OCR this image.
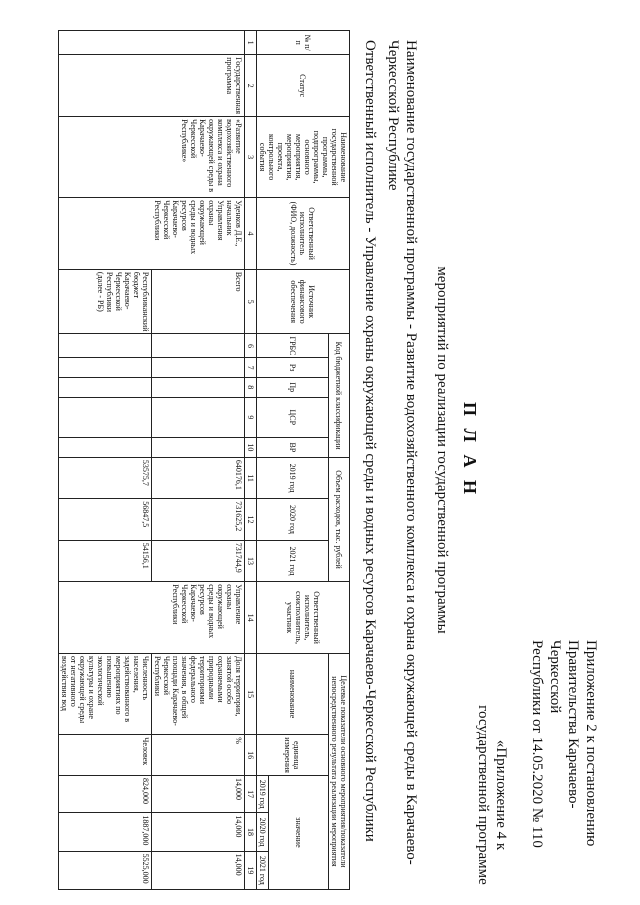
Приложение 2 к постановлению
Правительства Карачаево-Черкесской
Республики от 14.05.2020 № 110
«Приложение 4 к
государственной программе
П Л А Н
мероприятий по реализации государственной программы
Наименование государственной программы - Развитие водохозяйственного комплекса и охрана окружающей среды в Карачаево-Черкесской Республике
Ответственный исполнитель - Управление охраны окружающей среды и водных ресурсов Карачаево-Черкесской Республики
№ п/п	Статус	Наименование государственной программы, подпрограммы, основного мероприятия, мероприятия, проекта, контрольного события	Ответственный исполнитель (ФИО, должность)	Источник финансового обеспечения	Код бюджетной классификации					Объем расходов, тыс. рублей			Ответственный исполнитель, соисполнитель, участник	Целевые показатели основного мероприятия/показатели непосредственного результата реализации мероприятия				
					ГРБС	Рз	Пр	ЦСР	ВР	2019 год	2020 год	2021 год		наименование	единица измерения	значение		
																2019 год	2020 год	2021 год
1	2	3	4	5	6	7	8	9	10	11	12	13	14	15	16	17	18	19
	Государственная программа	«Развитие водохозяйственного комплекса и охрана окружающей среды в Карачаево-Черкесской Республике»	Уденков Д.Е., начальник Управления охраны окружающей среды и водных ресурсов Карачаево-Черкесской Республики	Всего						640176,1	731625,2	731744,9	Управление охраны окружающей среды и водных ресурсов Карачаево-Черкесской Республики	Доля территории, занятой особо охраняемыми природными территориями федерального значения, в общей площади Карачаево-Черкесской Республики	%	14,000	14,000	14,000
				Республиканский бюджет Карачаево-Черкесской Республики (далее - РБ)						53575,7	56847,5	54156,1		Численность населения, задействованного в мероприятиях по повышению экологической культуры и охране окружающей среды от негативного воздействия вод	Человек	824,000	1887,000	5525,000
